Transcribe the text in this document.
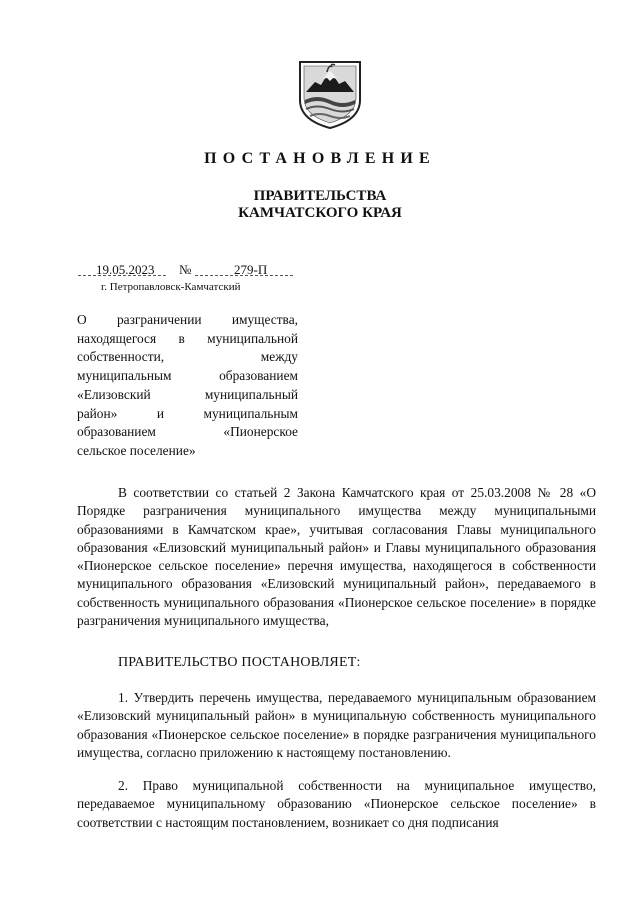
ПОСТАНОВЛЕНИЕ
ПРАВИТЕЛЬСТВА
КАМЧАТСКОГО КРАЯ
19.05.2023 №	279-П
г. Петропавловск-Камчатский
О разграничении имущества,
находящегося в муниципальной
собственности, между
муниципальным образованием
«Елизовский муниципальный
район» и муниципальным
образованием «Пионерское
сельское поселение»
В соответствии со статьей 2 Закона Камчатского края от 25.03.2008 № 28 «О Порядке разграничения муниципального имущества между муниципальными образованиями в Камчатском крае», учитывая согласования Главы муниципального образования «Елизовский муниципальный район» и Главы муниципального образования «Пионерское сельское поселение» перечня имущества, находящегося в собственности муниципального образования «Елизовский муниципальный район», передаваемого в собственность муниципального образования «Пионерское сельское поселение» в порядке разграничения муниципального имущества,
ПРАВИТЕЛЬСТВО ПОСТАНОВЛЯЕТ:
1. Утвердить перечень имущества, передаваемого муниципальным образованием «Елизовский муниципальный район» в муниципальную собственность муниципального образования «Пионерское сельское поселение» в порядке разграничения муниципального имущества, согласно приложению к настоящему постановлению.
2. Право муниципальной собственности на муниципальное имущество, передаваемое муниципальному образованию «Пионерское сельское поселение» в соответствии с настоящим постановлением, возникает со дня подписания
